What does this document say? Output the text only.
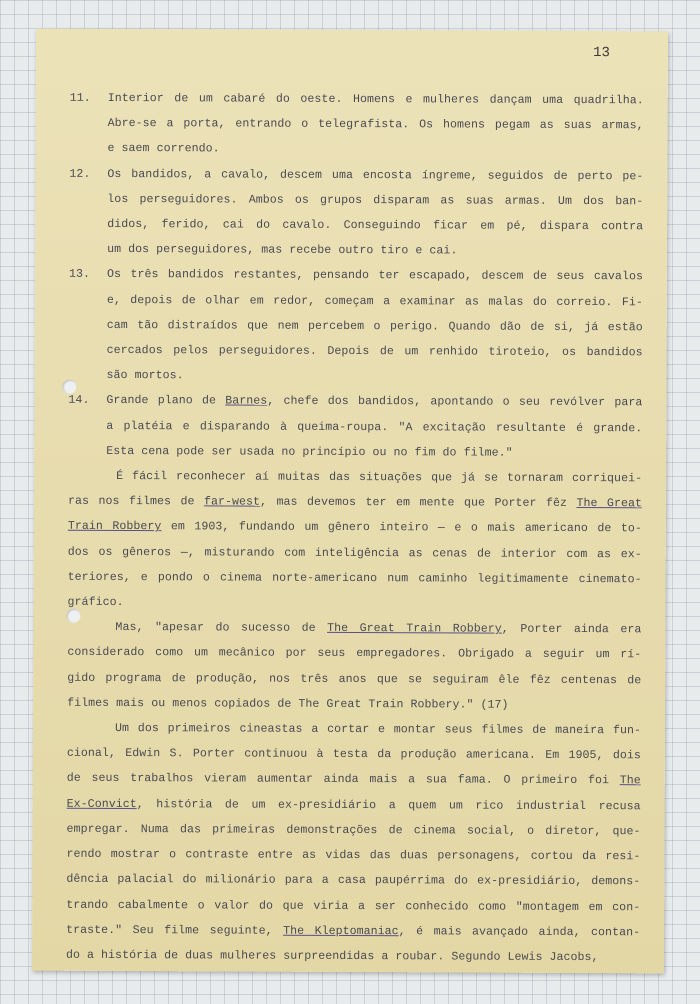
13
11. Interior de um cabaré do oeste. Homens e mulheres dançam uma quadrilha.
Abre-se a porta, entrando o telegrafista. Os homens pegam as suas armas,
e saem correndo.
12. Os bandidos, a cavalo, descem uma encosta íngreme, seguidos de perto pe-
los perseguidores. Ambos os grupos disparam as suas armas. Um dos ban-
didos, ferido, cai do cavalo. Conseguindo ficar em pé, dispara contra
um dos perseguidores, mas recebe outro tiro e cai.
13. Os três bandidos restantes, pensando ter escapado, descem de seus cavalos
e, depois de olhar em redor, começam a examinar as malas do correio. Fi-
cam tão distraídos que nem percebem o perigo. Quando dão de si, já estão
cercados pelos perseguidores. Depois de um renhido tiroteio, os bandidos
são mortos.
14. Grande plano de Barnes, chefe dos bandidos, apontando o seu revólver para
a platéia e disparando à queima-roupa. "A excitação resultante é grande.
Esta cena pode ser usada no princípio ou no fim do filme."
É fácil reconhecer aí muitas das situações que já se tornaram corriquei-
ras nos filmes de far-west, mas devemos ter em mente que Porter fêz The Great
Train Robbery em 1903, fundando um gênero inteiro — e o mais americano de to-
dos os gêneros —, misturando com inteligência as cenas de interior com as ex-
teriores, e pondo o cinema norte-americano num caminho legitimamente cinemato-
gráfico.
Mas, "apesar do sucesso de The Great Train Robbery, Porter ainda era
considerado como um mecânico por seus empregadores. Obrigado a seguir um rí-
gido programa de produção, nos três anos que se seguiram êle fêz centenas de
filmes mais ou menos copiados de The Great Train Robbery." (17)
Um dos primeiros cineastas a cortar e montar seus filmes de maneira fun-
cional, Edwin S. Porter continuou à testa da produção americana. Em 1905, dois
de seus trabalhos vieram aumentar ainda mais a sua fama. O primeiro foi The
Ex-Convict, história de um ex-presidiário a quem um rico industrial recusa
empregar. Numa das primeiras demonstrações de cinema social, o diretor, que-
rendo mostrar o contraste entre as vidas das duas personagens, cortou da resi-
dência palacial do milionário para a casa paupérrima do ex-presidiário, demons-
trando cabalmente o valor do que viria a ser conhecido como "montagem em con-
traste." Seu filme seguinte, The Kleptomaniac, é mais avançado ainda, contan-
do a história de duas mulheres surpreendidas a roubar. Segundo Lewis Jacobs,
